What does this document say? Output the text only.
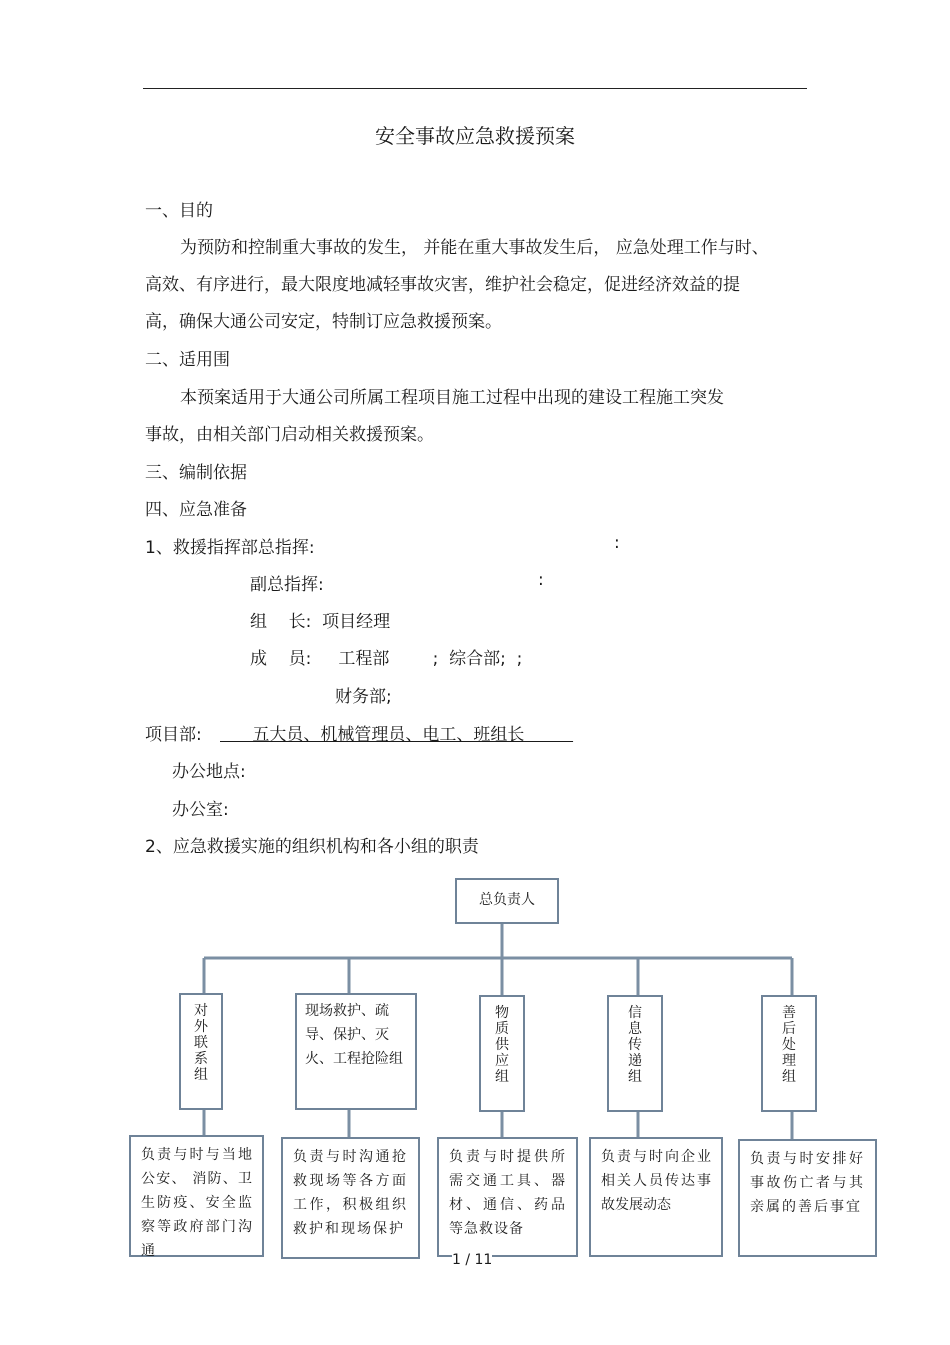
安全事故应急救援预案
一、目的
为预防和控制重大事故的发生， 并能在重大事故发生后， 应急处理工作与时、
高效、有序进行，最大限度地减轻事故灾害，维护社会稳定，促进经济效益的提
高，确保大通公司安定，特制订应急救援预案。
二、适用围
本预案适用于大通公司所属工程项目施工过程中出现的建设工程施工突发
事故，由相关部门启动相关救援预案。
三、编制依据
四、应急准备
1、救援指挥部总指挥:	:
副总指挥:	:
组    长:  项目经理
成    员:     工程部        ;  综合部;  ;
财务部;
项目部: 五大员、机械管理员、电工、班组长
办公地点:
办公室:
2、应急救援实施的组织机构和各小组的职责
总负责人
对
外
联
系
组
现场救护、疏导、保护、灭火、工程抢险组
物
质
供
应
组
信
息
传
递
组
善
后
处
理
组
负责与时与当地公安、 消防、卫生防疫、安全监察等政府部门沟通
负责与时沟通抢救现场等各方面工作，积极组织救护和现场保护
负责与时提供所需交通工具、器材、通信、药品等急救设备
负责与时向企业相关人员传达事故发展动态
负责与时安排好事故伤亡者与其亲属的善后事宜
1 / 11
